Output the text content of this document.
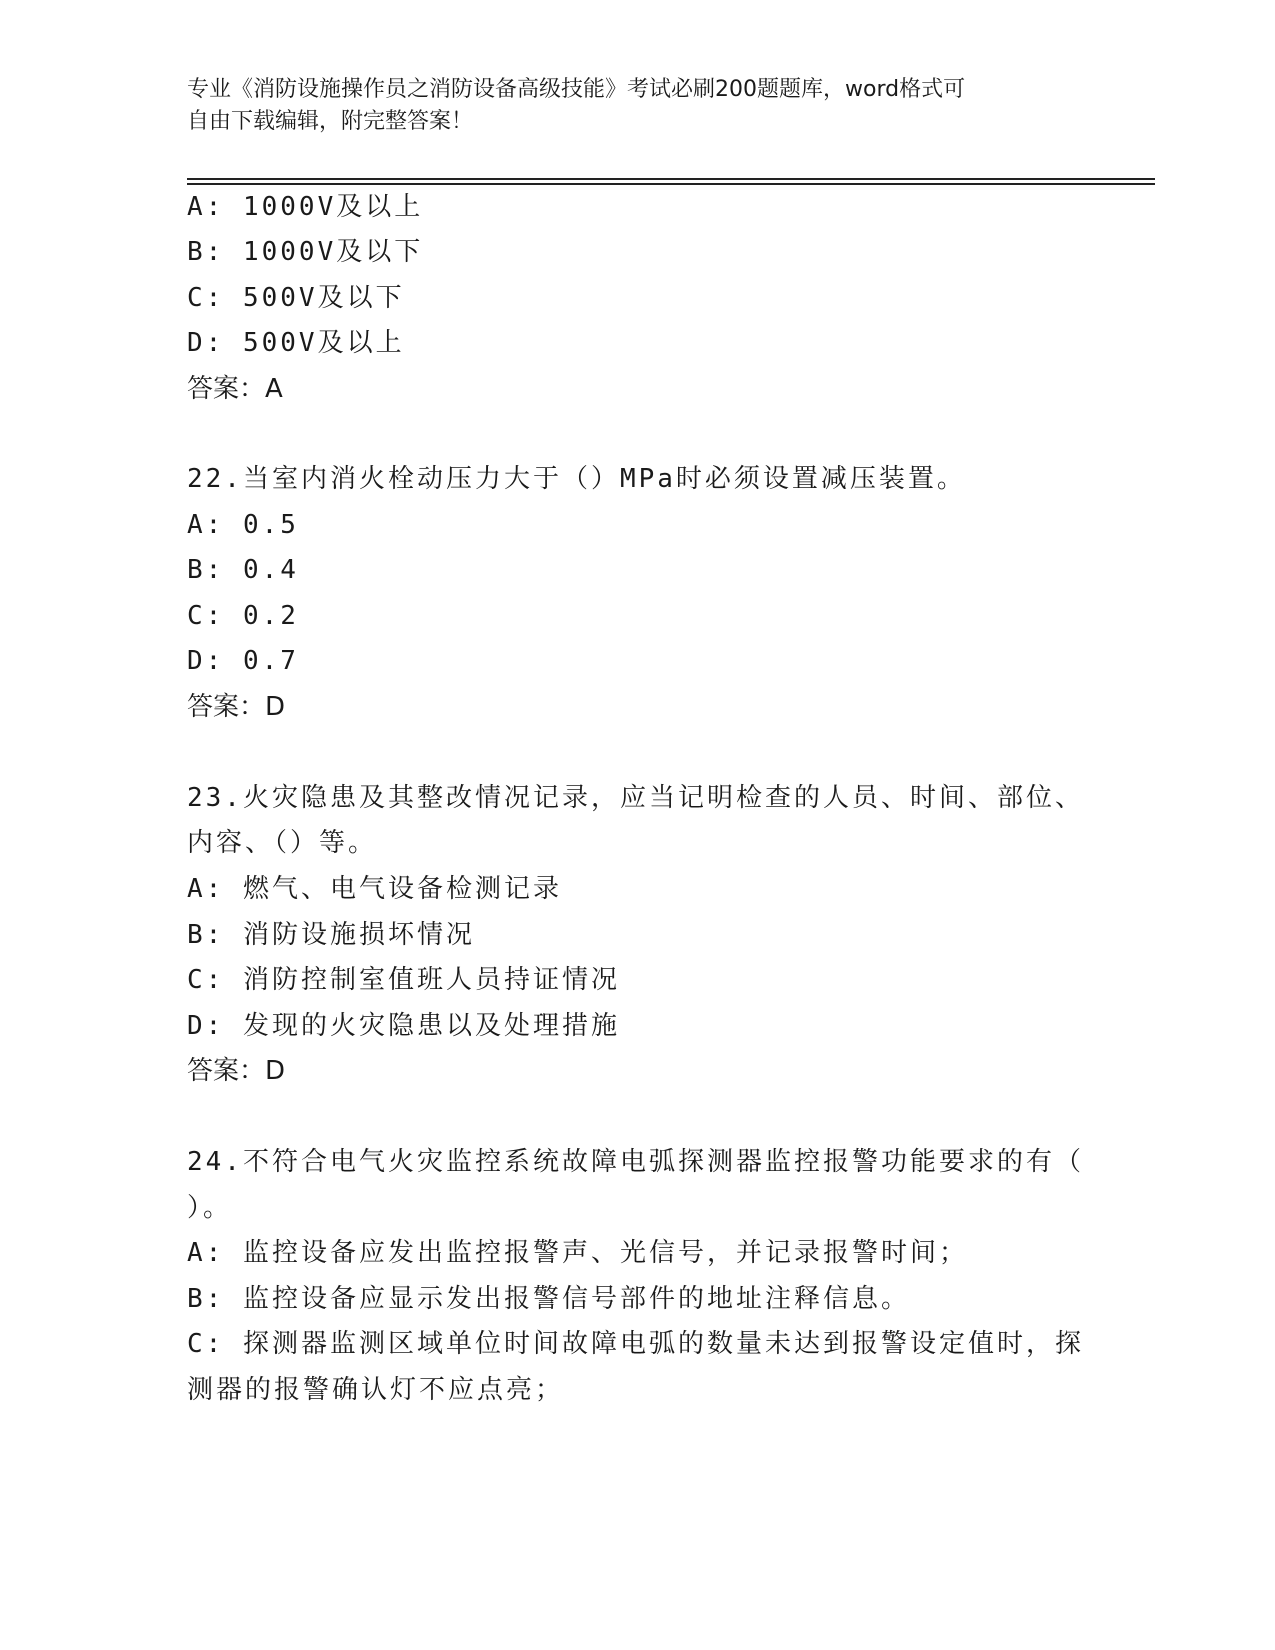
专业《消防设施操作员之消防设备高级技能》考试必刷200题题库，word格式可
自由下载编辑，附完整答案！
A: 1000V及以上
B: 1000V及以下
C: 500V及以下
D: 500V及以上
答案：A
22.当室内消火栓动压力大于（）MPa时必须设置减压装置。
A: 0.5
B: 0.4
C: 0.2
D: 0.7
答案：D
23.火灾隐患及其整改情况记录，应当记明检查的人员、时间、部位、
内容、（）等。
A: 燃气、电气设备检测记录
B: 消防设施损坏情况
C: 消防控制室值班人员持证情况
D: 发现的火灾隐患以及处理措施
答案：D
24.不符合电气火灾监控系统故障电弧探测器监控报警功能要求的有（
）。
A: 监控设备应发出监控报警声、光信号，并记录报警时间；
B: 监控设备应显示发出报警信号部件的地址注释信息。
C: 探测器监测区域单位时间故障电弧的数量未达到报警设定值时，探
测器的报警确认灯不应点亮；
